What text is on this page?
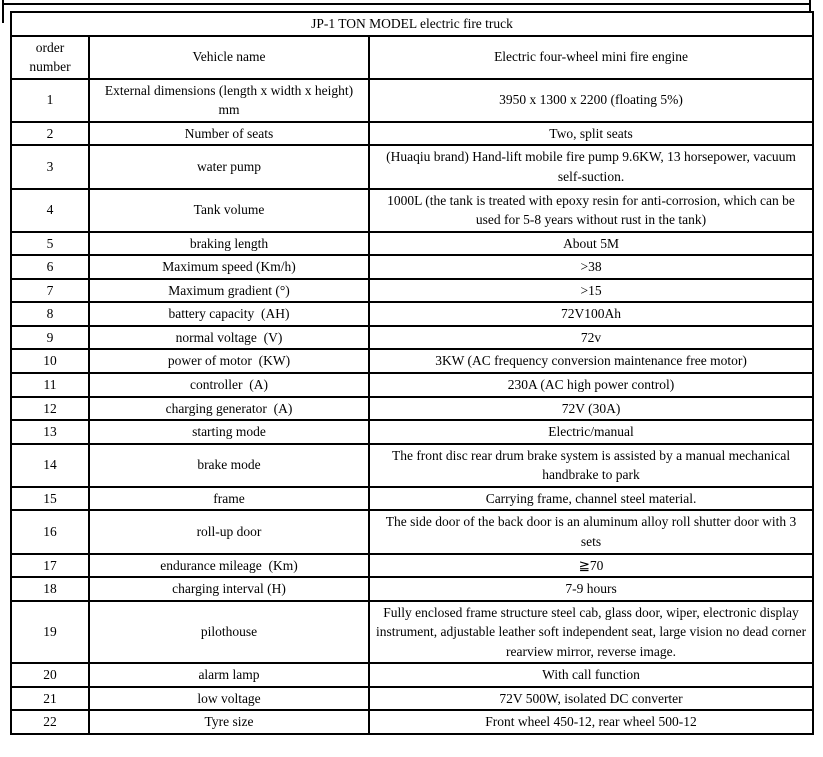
JP-1 TON MODEL electric fire truck		
order number	Vehicle name	Electric four-wheel mini fire engine
1	External dimensions (length x width x height) mm	3950 x 1300 x 2200 (floating 5%)
2	Number of seats	Two, split seats
3	water pump	(Huaqiu brand) Hand-lift mobile fire pump 9.6KW, 13 horsepower, vacuum self-suction.
4	Tank volume	1000L (the tank is treated with epoxy resin for anti-corrosion, which can be used for 5-8 years without rust in the tank)
5	braking length	About 5M
6	Maximum speed (Km/h)	>38
7	Maximum gradient (°)	>15
8	battery capacity  (AH)	72V100Ah
9	normal voltage  (V)	72v
10	power of motor  (KW)	3KW (AC frequency conversion maintenance free motor)
11	controller  (A)	230A (AC high power control)
12	charging generator  (A)	72V (30A)
13	starting mode	Electric/manual
14	brake mode	The front disc rear drum brake system is assisted by a manual mechanical handbrake to park
15	frame	Carrying frame, channel steel material.
16	roll-up door	The side door of the back door is an aluminum alloy roll shutter door with 3 sets
17	endurance mileage  (Km)	≧70
18	charging interval (H)	7-9 hours
19	pilothouse	Fully enclosed frame structure steel cab, glass door, wiper, electronic display instrument, adjustable leather soft independent seat, large vision no dead corner rearview mirror, reverse image.
20	alarm lamp	With call function
21	low voltage	72V 500W, isolated DC converter
22	Tyre size	Front wheel 450-12, rear wheel 500-12
